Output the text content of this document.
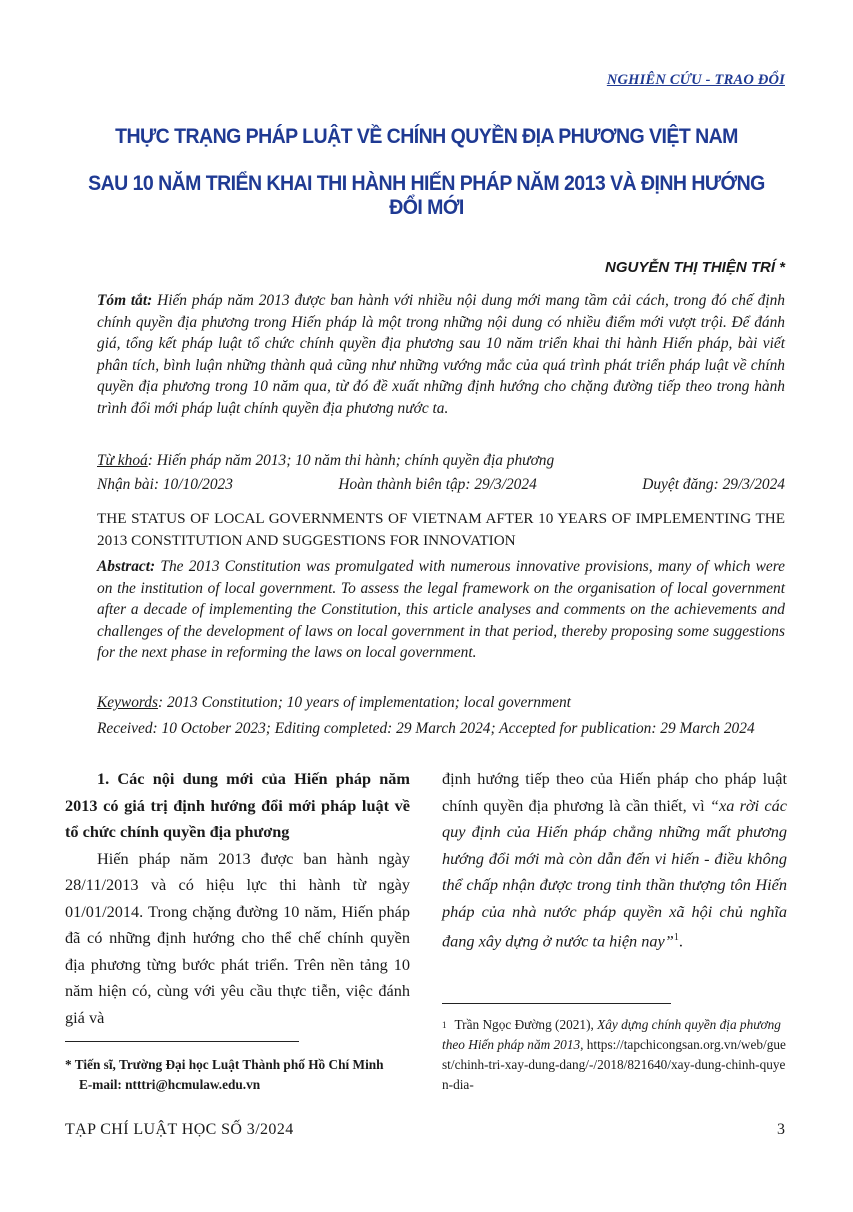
NGHIÊN CỨU - TRAO ĐỔI
THỰC TRẠNG PHÁP LUẬT VỀ CHÍNH QUYỀN ĐỊA PHƯƠNG VIỆT NAM
SAU 10 NĂM TRIỂN KHAI THI HÀNH HIẾN PHÁP NĂM 2013 VÀ ĐỊNH HƯỚNG ĐỔI MỚI
NGUYỄN THỊ THIỆN TRÍ *
Tóm tắt: Hiến pháp năm 2013 được ban hành với nhiều nội dung mới mang tầm cải cách, trong đó chế định chính quyền địa phương trong Hiến pháp là một trong những nội dung có nhiều điểm mới vượt trội. Để đánh giá, tổng kết pháp luật tổ chức chính quyền địa phương sau 10 năm triển khai thi hành Hiến pháp, bài viết phân tích, bình luận những thành quả cũng như những vướng mắc của quá trình phát triển pháp luật về chính quyền địa phương trong 10 năm qua, từ đó đề xuất những định hướng cho chặng đường tiếp theo trong hành trình đổi mới pháp luật chính quyền địa phương nước ta.
Từ khoá: Hiến pháp năm 2013; 10 năm thi hành; chính quyền địa phương
Nhận bài: 10/10/2023	Hoàn thành biên tập: 29/3/2024	Duyệt đăng: 29/3/2024
THE STATUS OF LOCAL GOVERNMENTS OF VIETNAM AFTER 10 YEARS OF IMPLEMENTING THE 2013 CONSTITUTION AND SUGGESTIONS FOR INNOVATION
Abstract: The 2013 Constitution was promulgated with numerous innovative provisions, many of which were on the institution of local government. To assess the legal framework on the organisation of local government after a decade of implementing the Constitution, this article analyses and comments on the achievements and challenges of the development of laws on local government in that period, thereby proposing some suggestions for the next phase in reforming the laws on local government.
Keywords: 2013 Constitution; 10 years of implementation; local government
Received: 10 October 2023; Editing completed: 29 March 2024; Accepted for publication: 29 March 2024

1. Các nội dung mới của Hiến pháp năm 2013 có giá trị định hướng đổi mới pháp luật về tổ chức chính quyền địa phương

Hiến pháp năm 2013 được ban hành ngày 28/11/2013 và có hiệu lực thi hành từ ngày 01/01/2014. Trong chặng đường 10 năm, Hiến pháp đã có những định hướng cho thể chế chính quyền địa phương từng bước phát triển. Trên nền tảng 10 năm hiện có, cùng với yêu cầu thực tiễn, việc đánh giá và

định hướng tiếp theo của Hiến pháp cho pháp luật chính quyền địa phương là cần thiết, vì “xa rời các quy định của Hiến pháp chẳng những mất phương hướng đổi mới mà còn dẫn đến vi hiến - điều không thể chấp nhận được trong tinh thần thượng tôn Hiến pháp của nhà nước pháp quyền xã hội chủ nghĩa đang xây dựng ở nước ta hiện nay”$^1$.

* Tiến sĩ, Trường Đại học Luật Thành phố Hồ Chí Minh
E-mail: ntttri@hcmulaw.edu.vn
$^1$ Trần Ngọc Đường (2021), Xây dựng chính quyền địa phương theo Hiến pháp năm 2013, https://tapchicongsan.org.vn/web/guest/chinh-tri-xay-dung-dang/-/2018/821640/xay-dung-chinh-quyen-dia-
TẠP CHÍ LUẬT HỌC SỐ 3/2024	3
